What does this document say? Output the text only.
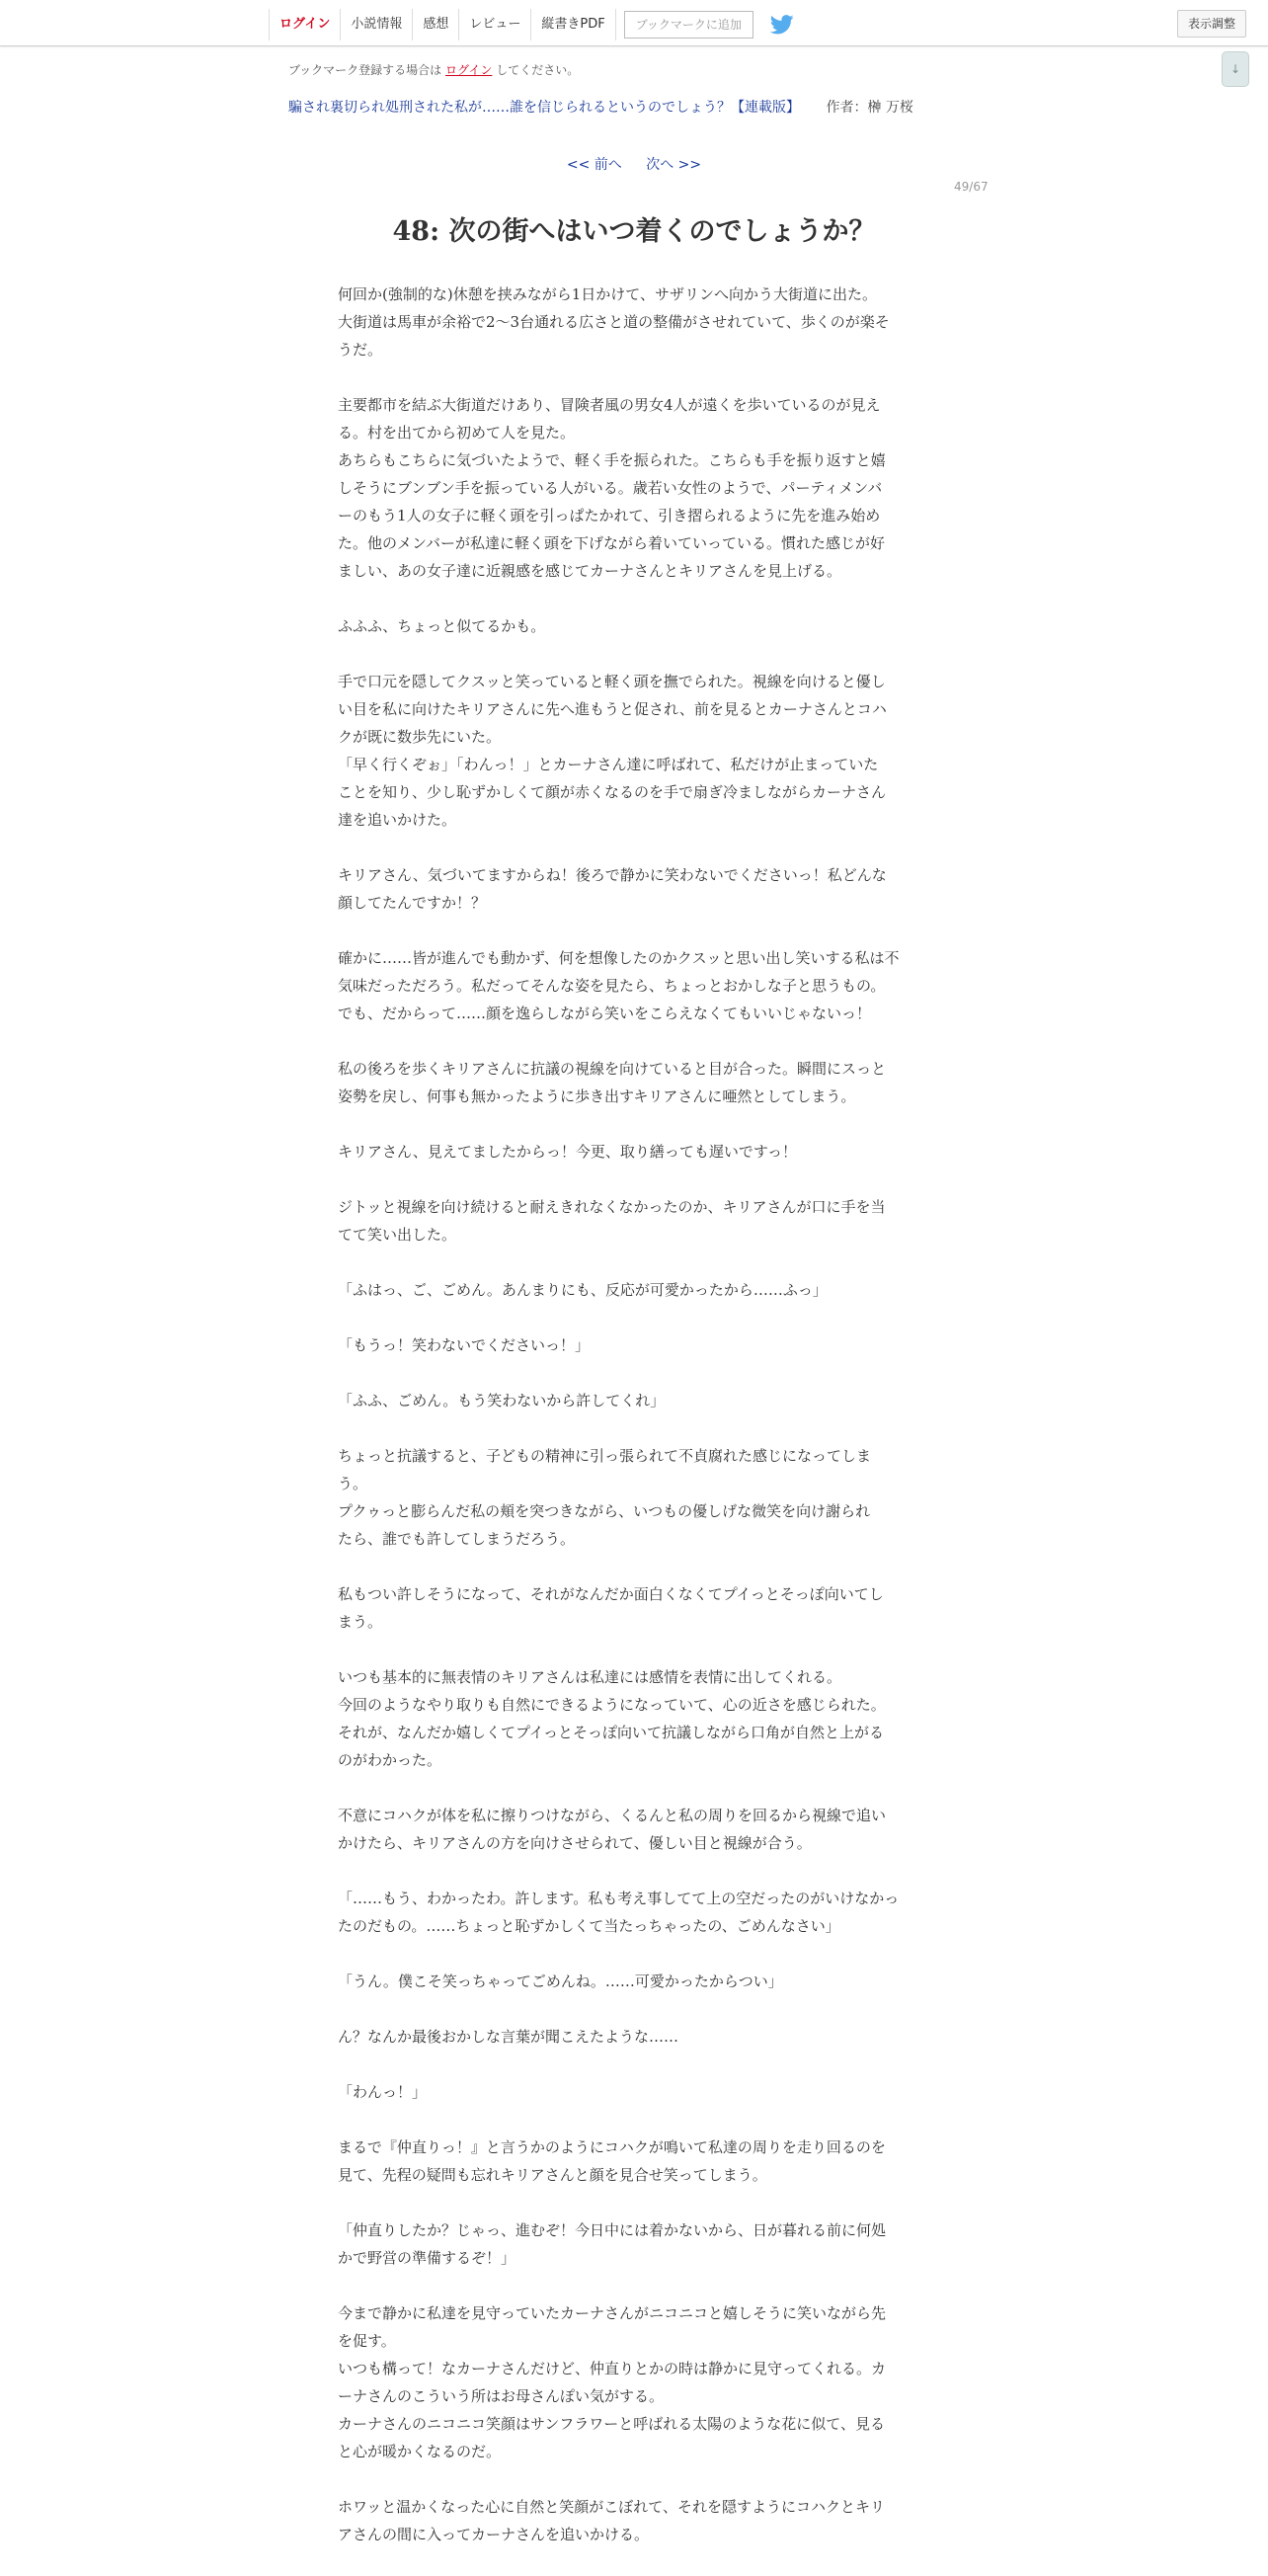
ログイン	小説情報	感想	レビュー	縦書きPDF	ブックマークに追加	表示調整
↓
ブックマーク登録する場合は ログイン してください。
騙され裏切られ処刑された私が……誰を信じられるというのでしょう？【連載版】 作者：榊 万桜
<< 前へ 次へ >>
49/67
48: 次の街へはいつ着くのでしょうか？
何回か(強制的な)休憩を挟みながら1日かけて、サザリンへ向かう大街道に出た。
大街道は馬車が余裕で2〜3台通れる広さと道の整備がさせれていて、歩くのが楽そ
うだ。
主要都市を結ぶ大街道だけあり、冒険者風の男女4人が遠くを歩いているのが見え
る。村を出てから初めて人を見た。
あちらもこちらに気づいたようで、軽く手を振られた。こちらも手を振り返すと嬉
しそうにブンブン手を振っている人がいる。歳若い女性のようで、パーティメンバ
ーのもう1人の女子に軽く頭を引っぱたかれて、引き摺られるように先を進み始め
た。他のメンバーが私達に軽く頭を下げながら着いていっている。慣れた感じが好
ましい、あの女子達に近親感を感じてカーナさんとキリアさんを見上げる。
ふふふ、ちょっと似てるかも。
手で口元を隠してクスッと笑っていると軽く頭を撫でられた。視線を向けると優し
い目を私に向けたキリアさんに先へ進もうと促され、前を見るとカーナさんとコハ
クが既に数歩先にいた。
「早く行くぞぉ」「わんっ！」とカーナさん達に呼ばれて、私だけが止まっていた
ことを知り、少し恥ずかしくて顔が赤くなるのを手で扇ぎ冷ましながらカーナさん
達を追いかけた。
キリアさん、気づいてますからね！後ろで静かに笑わないでくださいっ！私どんな
顔してたんですか！？
確かに……皆が進んでも動かず、何を想像したのかクスッと思い出し笑いする私は不
気味だっただろう。私だってそんな姿を見たら、ちょっとおかしな子と思うもの。
でも、だからって……顔を逸らしながら笑いをこらえなくてもいいじゃないっ！
私の後ろを歩くキリアさんに抗議の視線を向けていると目が合った。瞬間にスっと
姿勢を戻し、何事も無かったように歩き出すキリアさんに唖然としてしまう。
キリアさん、見えてましたからっ！今更、取り繕っても遅いですっ！
ジトッと視線を向け続けると耐えきれなくなかったのか、キリアさんが口に手を当
てて笑い出した。
「ふはっ、ご、ごめん。あんまりにも、反応が可愛かったから……ふっ」
「もうっ！笑わないでくださいっ！」
「ふふ、ごめん。もう笑わないから許してくれ」
ちょっと抗議すると、子どもの精神に引っ張られて不貞腐れた感じになってしま
う。
プクゥっと膨らんだ私の頬を突つきながら、いつもの優しげな微笑を向け謝られ
たら、誰でも許してしまうだろう。
私もつい許しそうになって、それがなんだか面白くなくてプイっとそっぽ向いてし
まう。
いつも基本的に無表情のキリアさんは私達には感情を表情に出してくれる。
今回のようなやり取りも自然にできるようになっていて、心の近さを感じられた。
それが、なんだか嬉しくてプイっとそっぽ向いて抗議しながら口角が自然と上がる
のがわかった。
不意にコハクが体を私に擦りつけながら、くるんと私の周りを回るから視線で追い
かけたら、キリアさんの方を向けさせられて、優しい目と視線が合う。
「……もう、わかったわ。許します。私も考え事してて上の空だったのがいけなかっ
たのだもの。……ちょっと恥ずかしくて当たっちゃったの、ごめんなさい」
「うん。僕こそ笑っちゃってごめんね。……可愛かったからつい」
ん？なんか最後おかしな言葉が聞こえたような……
「わんっ！」
まるで『仲直りっ！』と言うかのようにコハクが鳴いて私達の周りを走り回るのを
見て、先程の疑問も忘れキリアさんと顔を見合せ笑ってしまう。
「仲直りしたか？じゃっ、進むぞ！今日中には着かないから、日が暮れる前に何処
かで野営の準備するぞ！」
今まで静かに私達を見守っていたカーナさんがニコニコと嬉しそうに笑いながら先
を促す。
いつも構って！なカーナさんだけど、仲直りとかの時は静かに見守ってくれる。カ
ーナさんのこういう所はお母さんぽい気がする。
カーナさんのニコニコ笑顔はサンフラワーと呼ばれる太陽のような花に似て、見る
と心が暖かくなるのだ。
ホワッと温かくなった心に自然と笑顔がこぼれて、それを隠すようにコハクとキリ
アさんの間に入ってカーナさんを追いかける。
